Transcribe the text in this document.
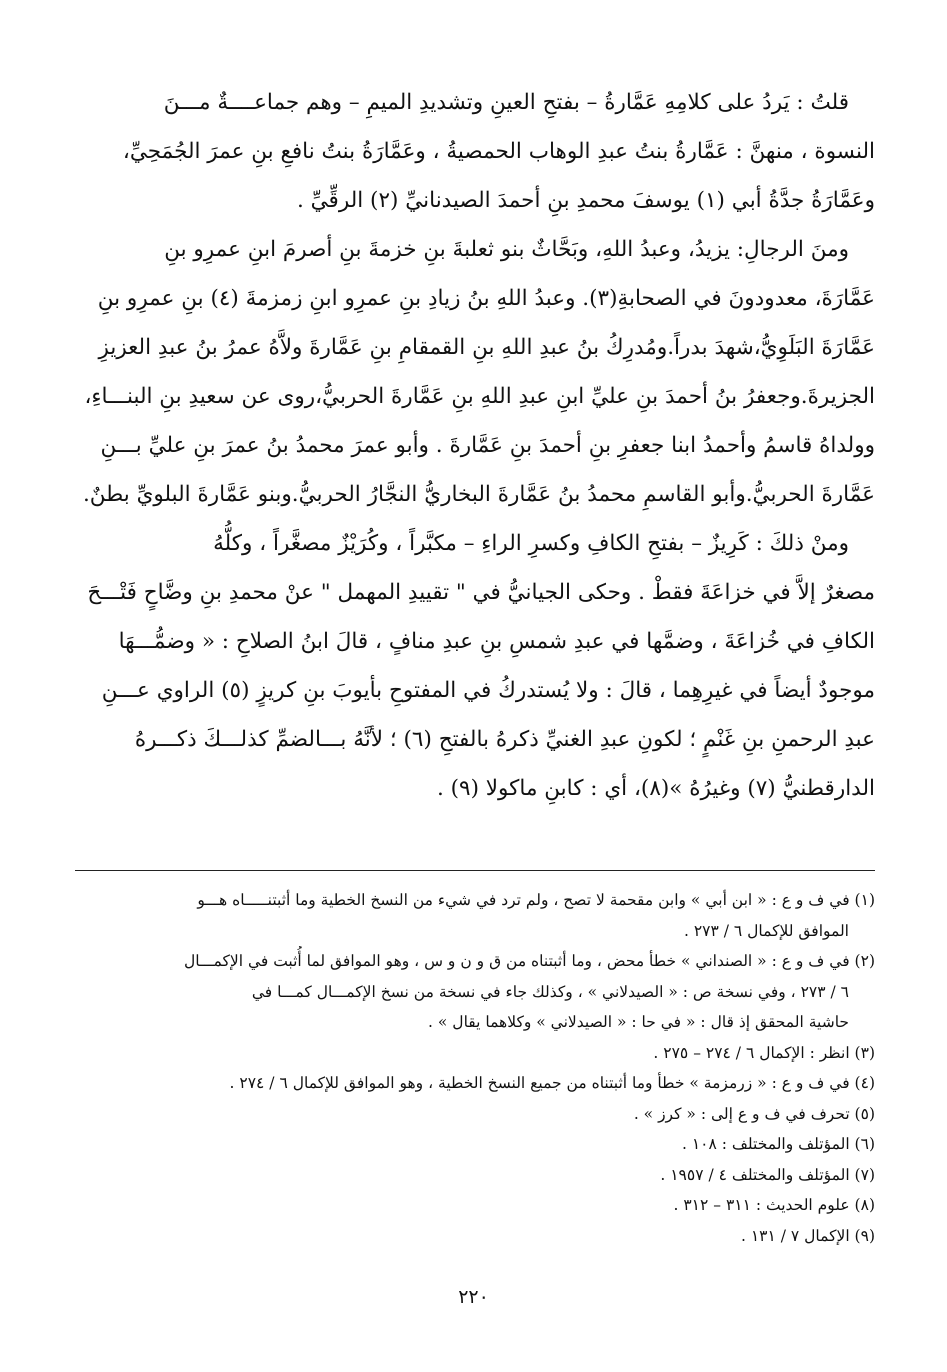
قلتُ : يَردُ على كلامِهِ عَمَّارةُ – بفتحِ العينِ وتشديدِ الميمِ – وهم جماعــــةٌ مـــنَ
النسوة ، منهنَّ : عَمَّارةُ بنتُ عبدِ الوهاب الحمصيةُ ، وعَمَّارَةُ بنتُ نافعِ بنِ عمرَ الجُمَحِيِّ،
وعَمَّارَةُ جدَّةُ أبي (١) يوسفَ محمدِ بنِ أحمدَ الصيدنانيِّ (٢) الرقِّيِّ .
ومنَ الرجالِ: يزيدُ، وعبدُ اللهِ، وبَحَّاثٌ بنو ثعلبةَ بنِ خزمةَ بنِ أصرمَ ابنِ عمرِو بنِ
عَمَّارَةَ، معدودونَ في الصحابةِ(٣). وعبدُ اللهِ بنُ زيادِ بنِ عمرِو ابنِ زمزمةَ (٤) بنِ عمرِو بنِ
عَمَّارَةَ البَلَوِيُّ،شهدَ بدراً.ومُدرِكُ بنُ عبدِ اللهِ بنِ القمقامِ بنِ عَمَّارةَ ولاَّهُ عمرُ بنُ عبدِ العزيزِ
الجزيرةَ.وجعفرُ بنُ أحمدَ بنِ عليِّ ابنِ عبدِ اللهِ بنِ عَمَّارةَ الحربيُّ،روى عن سعيدِ بنِ البنـــاءِ،
وولداهُ قاسمُ وأحمدُ ابنا جعفرِ بنِ أحمدَ بنِ عَمَّارةَ . وأبو عمرَ محمدُ بنُ عمرَ بنِ عليِّ بـــنِ
عَمَّارةَ الحربيُّ.وأبو القاسمِ محمدُ بنُ عَمَّارةَ البخاريُّ النجَّارُ الحربيُّ.وبنو عَمَّارةَ البلويِّ بطنٌ.
ومنْ ذلكَ : كَرِيزٌ – بفتحِ الكافِ وكسرِ الراءِ – مكبَّراً ، وكُرَيْزٌ مصغَّراً ، وكلُّهُ
مصغرٌ إلاَّ في خزاعَةَ فقطْ . وحكى الجيانيُّ في " تقييدِ المهمل " عنْ محمدِ بنِ وضَّاحٍ فَتْـــحَ
الكافِ في خُزاعَةَ ، وضمَّها في عبدِ شمسِ بنِ عبدِ منافٍ ، قالَ ابنُ الصلاحِ : « وضمُّـــهَا
موجودٌ أيضاً في غيرِهِما ، قالَ : ولا يُستدركُ في المفتوحِ بأيوبَ بنِ كريزٍ (٥) الراوي عـــنِ
عبدِ الرحمنِ بنِ غَنْمٍ ؛ لكونِ عبدِ الغنيِّ ذكرهُ بالفتحِ (٦) ؛ لأنَّهُ بـــالضمِّ كذلـــكَ ذكـــرهُ
الدارقطنيُّ (٧) وغيرُهُ »(٨)، أي : كابنِ ماكولا (٩) .
(١) في ف و ع : « ابن أبي » وابن مقحمة لا تصح ، ولم ترد في شيء من النسخ الخطية وما أثبتنـــــاه هـــو
الموافق للإكمال ٦ / ٢٧٣ .
(٢) في ف و ع : « الصنداني » خطأ محض ، وما أثبتناه من ق و ن و س ، وهو الموافق لما أُثبت في الإكمـــال
٦ / ٢٧٣ ، وفي نسخة ص : « الصيدلاني » ، وكذلك جاء في نسخة من نسخ الإكمـــال كمـــا في
حاشية المحقق إذ قال : « في حا : « الصيدلاني » وكلاهما يقال » .
(٣) انظر : الإكمال ٦ / ٢٧٤ – ٢٧٥ .
(٤) في ف و ع : « زرمزمة » خطأ وما أثبتناه من جميع النسخ الخطية ، وهو الموافق للإكمال ٦ / ٢٧٤ .
(٥) تحرف في ف و ع إلى : « كرز » .
(٦) المؤتلف والمختلف : ١٠٨ .
(٧) المؤتلف والمختلف ٤ / ١٩٥٧ .
(٨) علوم الحديث : ٣١١ – ٣١٢ .
(٩) الإكمال ٧ / ١٣١ .
٢٢٠
